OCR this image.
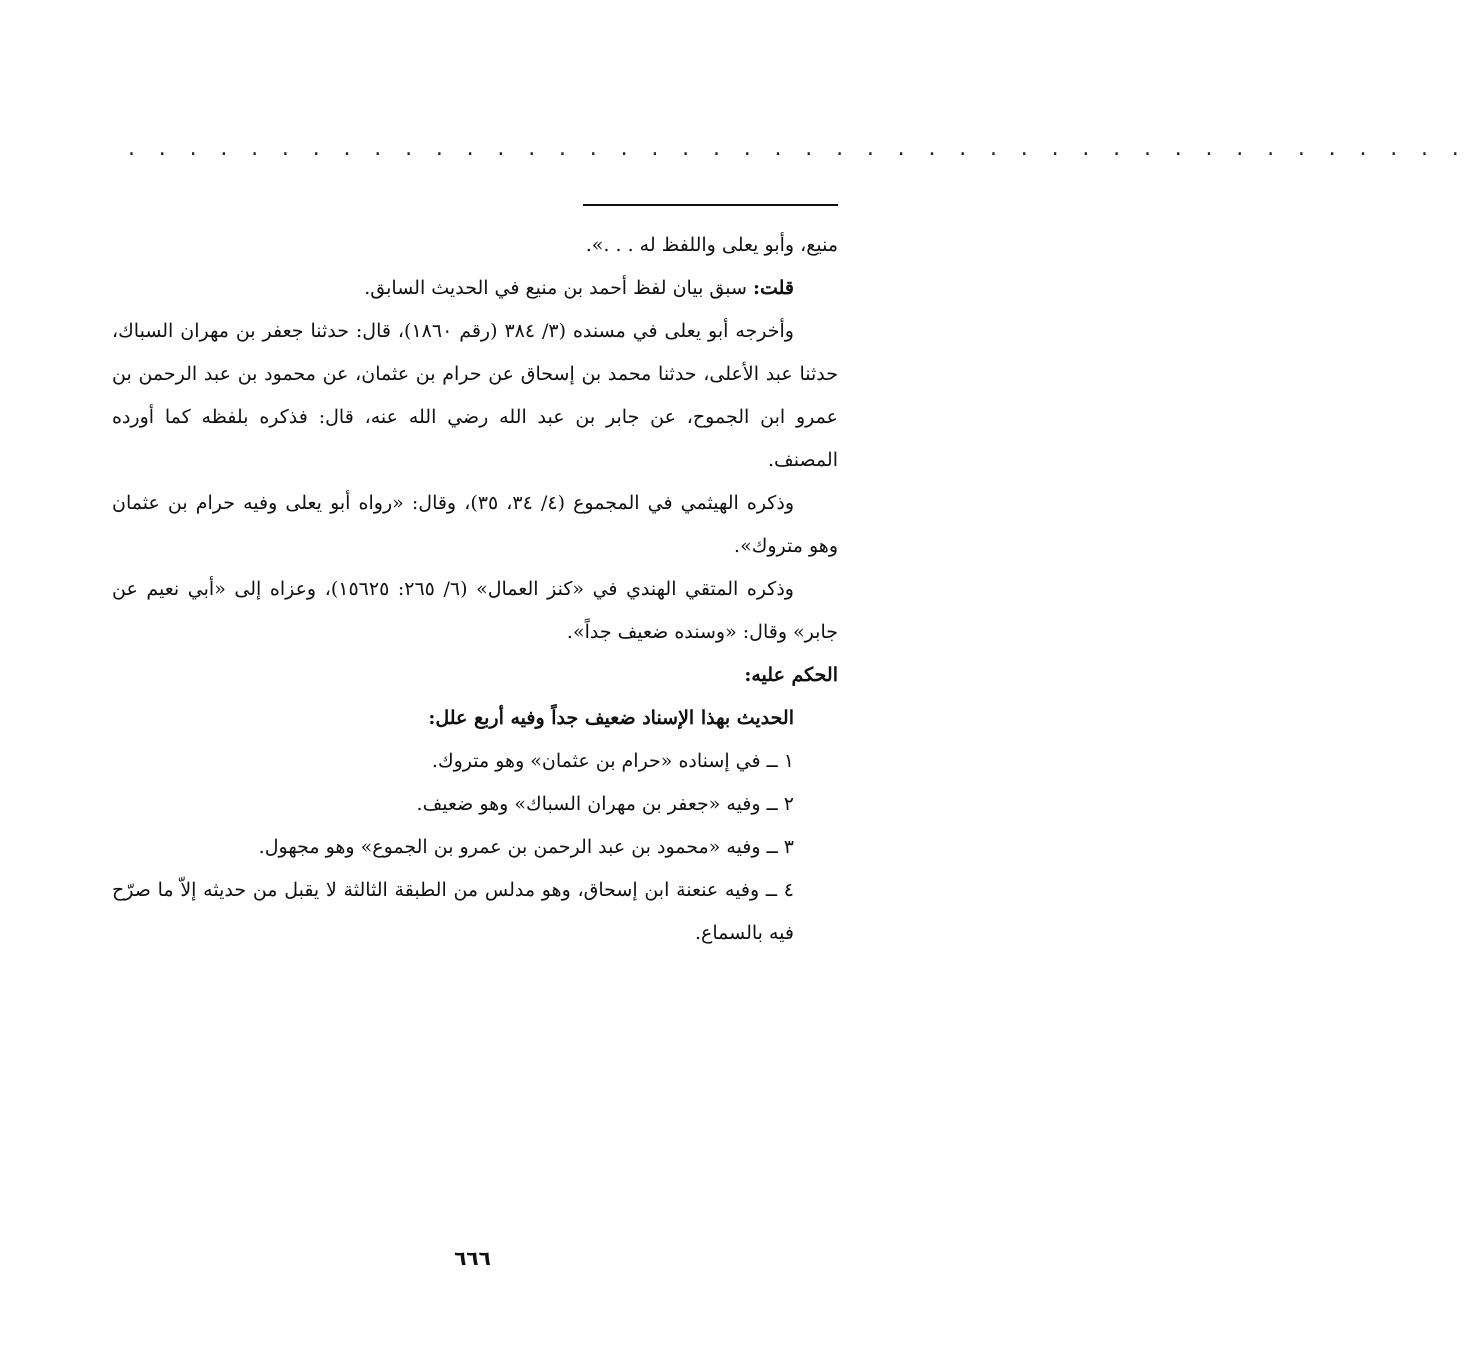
. . . . . . . . . . . . . . . . . . . . . . . . . . . . . . . . . . . . . . . . . . . .

منيع، وأبو يعلى واللفظ له . . .».

قلت: سبق بيان لفظ أحمد بن منيع في الحديث السابق.

وأخرجه أبو يعلى في مسنده (٣/ ٣٨٤ (رقم ١٨٦٠)، قال: حدثنا جعفر بن مهران السباك، حدثنا عبد الأعلى، حدثنا محمد بن إسحاق عن حرام بن عثمان، عن محمود بن عبد الرحمن بن عمرو ابن الجموح، عن جابر بن عبد الله رضي الله عنه، قال: فذكره بلفظه كما أورده المصنف.

وذكره الهيثمي في المجموع (٤/ ٣٤، ٣٥)، وقال: «رواه أبو يعلى وفيه حرام بن عثمان وهو متروك».

وذكره المتقي الهندي في «كنز العمال» (٦/ ٢٦٥: ١٥٦٢٥)، وعزاه إلى «أبي نعيم عن جابر» وقال: «وسنده ضعيف جداً».

الحكم عليه:

الحديث بهذا الإسناد ضعيف جداً وفيه أربع علل:

١ ــ في إسناده «حرام بن عثمان» وهو متروك.
٢ ــ وفيه «جعفر بن مهران السباك» وهو ضعيف.
٣ ــ وفيه «محمود بن عبد الرحمن بن عمرو بن الجموع» وهو مجهول.
٤ ــ وفيه عنعنة ابن إسحاق، وهو مدلس من الطبقة الثالثة لا يقبل من حديثه إلاّ ما صرّح فيه بالسماع.
٦٦٦
